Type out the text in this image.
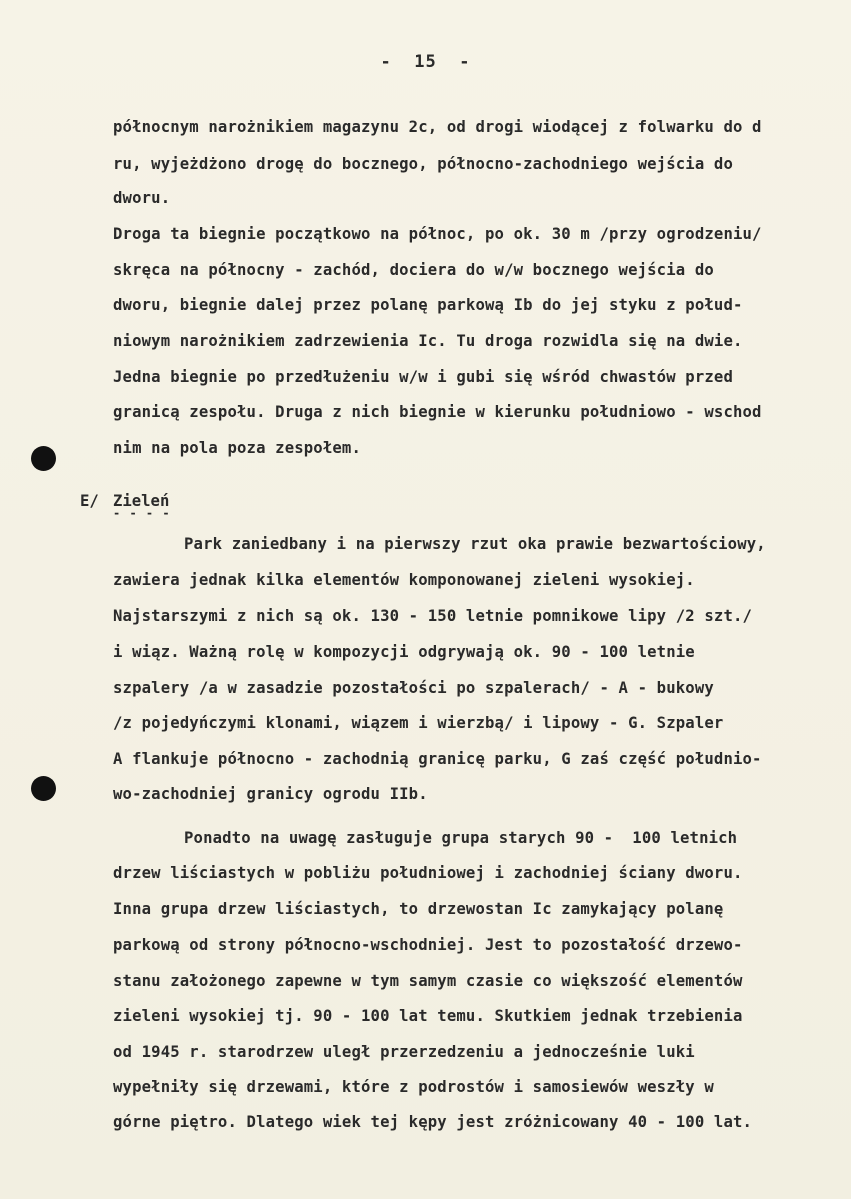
-  15  -
północnym narożnikiem magazynu 2c, od drogi wiodącej z folwarku do d
ru, wyjeżdżono drogę do bocznego, północno-zachodniego wejścia do
dworu.
Droga ta biegnie początkowo na północ, po ok. 30 m /przy ogrodzeniu/
skręca na północny - zachód, dociera do w/w bocznego wejścia do
dworu, biegnie dalej przez polanę parkową Ib do jej styku z połud-
niowym narożnikiem zadrzewienia Ic. Tu droga rozwidla się na dwie.
Jedna biegnie po przedłużeniu w/w i gubi się wśród chwastów przed
granicą zespołu. Druga z nich biegnie w kierunku południowo - wschod
nim na pola poza zespołem.
E/ Zieleń
- - - -
Park zaniedbany i na pierwszy rzut oka prawie bezwartościowy,
zawiera jednak kilka elementów komponowanej zieleni wysokiej.
Najstarszymi z nich są ok. 130 - 150 letnie pomnikowe lipy /2 szt./
i wiąz. Ważną rolę w kompozycji odgrywają ok. 90 - 100 letnie
szpalery /a w zasadzie pozostałości po szpalerach/ - A - bukowy
/z pojedyńczymi klonami, wiązem i wierzbą/ i lipowy - G. Szpaler
A flankuje północno - zachodnią granicę parku, G zaś część południo-
wo-zachodniej granicy ogrodu IIb.
Ponadto na uwagę zasługuje grupa starych 90 -  100 letnich
drzew liściastych w pobliżu południowej i zachodniej ściany dworu.
Inna grupa drzew liściastych, to drzewostan Ic zamykający polanę
parkową od strony północno-wschodniej. Jest to pozostałość drzewo-
stanu założonego zapewne w tym samym czasie co większość elementów
zieleni wysokiej tj. 90 - 100 lat temu. Skutkiem jednak trzebienia
od 1945 r. starodrzew uległ przerzedzeniu a jednocześnie luki
wypełniły się drzewami, które z podrostów i samosiewów weszły w
górne piętro. Dlatego wiek tej kępy jest zróżnicowany 40 - 100 lat.
